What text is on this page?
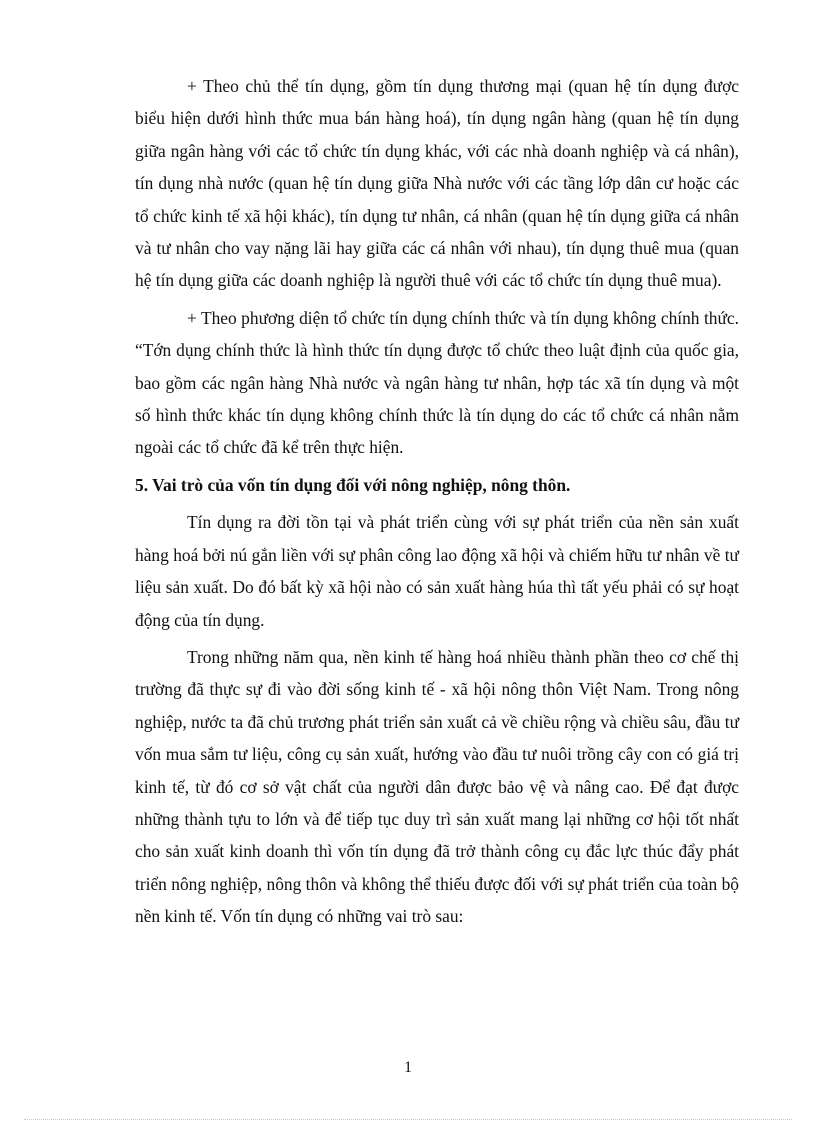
+ Theo chủ thể tín dụng, gồm tín dụng thương mại (quan hệ tín dụng được biểu hiện dưới hình thức mua bán hàng hoá), tín dụng ngân hàng (quan hệ tín dụng giữa ngân hàng với các tổ chức tín dụng khác, với các nhà doanh nghiệp và cá nhân), tín dụng nhà nước (quan hệ tín dụng giữa Nhà nước với các tầng lớp dân cư hoặc các tổ chức kinh tế xã hội khác), tín dụng tư nhân, cá nhân (quan hệ tín dụng giữa cá nhân và tư nhân cho vay nặng lãi hay giữa các cá nhân với nhau), tín dụng thuê mua (quan hệ tín dụng giữa các doanh nghiệp là người thuê với các tổ chức tín dụng thuê mua).

+ Theo phương diện tổ chức tín dụng chính thức và tín dụng không chính thức. “Tớn dụng chính thức là hình thức tín dụng được tổ chức theo luật định của quốc gia, bao gồm các ngân hàng Nhà nước và ngân hàng tư nhân, hợp tác xã tín dụng và một số hình thức khác tín dụng không chính thức là tín dụng do các tổ chức cá nhân nằm ngoài các tổ chức đã kể trên thực hiện.

5. Vai trò của vốn tín dụng đối với nông nghiệp, nông thôn.

Tín dụng ra đời tồn tại và phát triển cùng với sự phát triển của nền sản xuất hàng hoá bởi nú gắn liền với sự phân công lao động xã hội và chiếm hữu tư nhân về tư liệu sản xuất. Do đó bất kỳ xã hội nào có sản xuất hàng húa thì tất yếu phải có sự hoạt động của tín dụng.

Trong những năm qua, nền kinh tế hàng hoá nhiều thành phần theo cơ chế thị trường đã thực sự đi vào đời sống kinh tế - xã hội nông thôn Việt Nam. Trong nông nghiệp, nước ta đã chủ trương phát triển sản xuất cả về chiều rộng và chiều sâu, đầu tư vốn mua sắm tư liệu, công cụ sản xuất, hướng vào đầu tư nuôi trồng cây con có giá trị kinh tế, từ đó cơ sở vật chất của người dân được bảo vệ và nâng cao. Để đạt được những thành tựu to lớn và để tiếp tục duy trì sản xuất mang lại những cơ hội tốt nhất cho sản xuất kinh doanh thì vốn tín dụng đã trở thành công cụ đắc lực thúc đẩy phát triển nông nghiệp, nông thôn và không thể thiếu được đối với sự phát triển của toàn bộ nền kinh tế. Vốn tín dụng có những vai trò sau:

1
